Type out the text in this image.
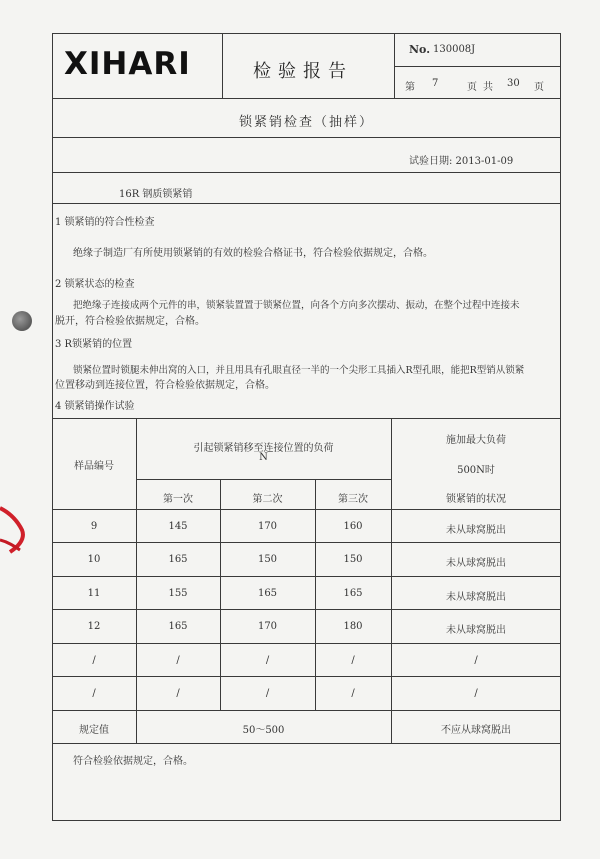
XIHARI	检验报告
No. 130008J
第 7	页共 30 页
锁紧销检查（抽样）
试验日期: 2013-01-09
16R 钢质锁紧销
1 锁紧销的符合性检查
绝缘子制造厂有所使用锁紧销的有效的检验合格证书，符合检验依据规定，合格。
2 锁紧状态的检查
把绝缘子连接成两个元件的串，锁紧装置置于锁紧位置，向各个方向多次摆动、振动，在整个过程中连接未
脱开，符合检验依据规定，合格。
3 R锁紧销的位置
锁紧位置时锁腿未伸出窝的入口，并且用具有孔眼直径一半的一个尖形工具插入R型孔眼，能把R型销从锁紧
位置移动到连接位置，符合检验依据规定，合格。
4 锁紧销操作试验
样品编号
引起锁紧销移至连接位置的负荷
N
第一次	第二次	第三次
施加最大负荷
500N时
锁紧销的状况
9	145	170	160	未从球窝脱出
10	165	150	150	未从球窝脱出
11	155	165	165	未从球窝脱出
12	165	170	180	未从球窝脱出
/	/	/	/	/
/	/	/	/	/
规定值	50～500	不应从球窝脱出
符合检验依据规定，合格。
